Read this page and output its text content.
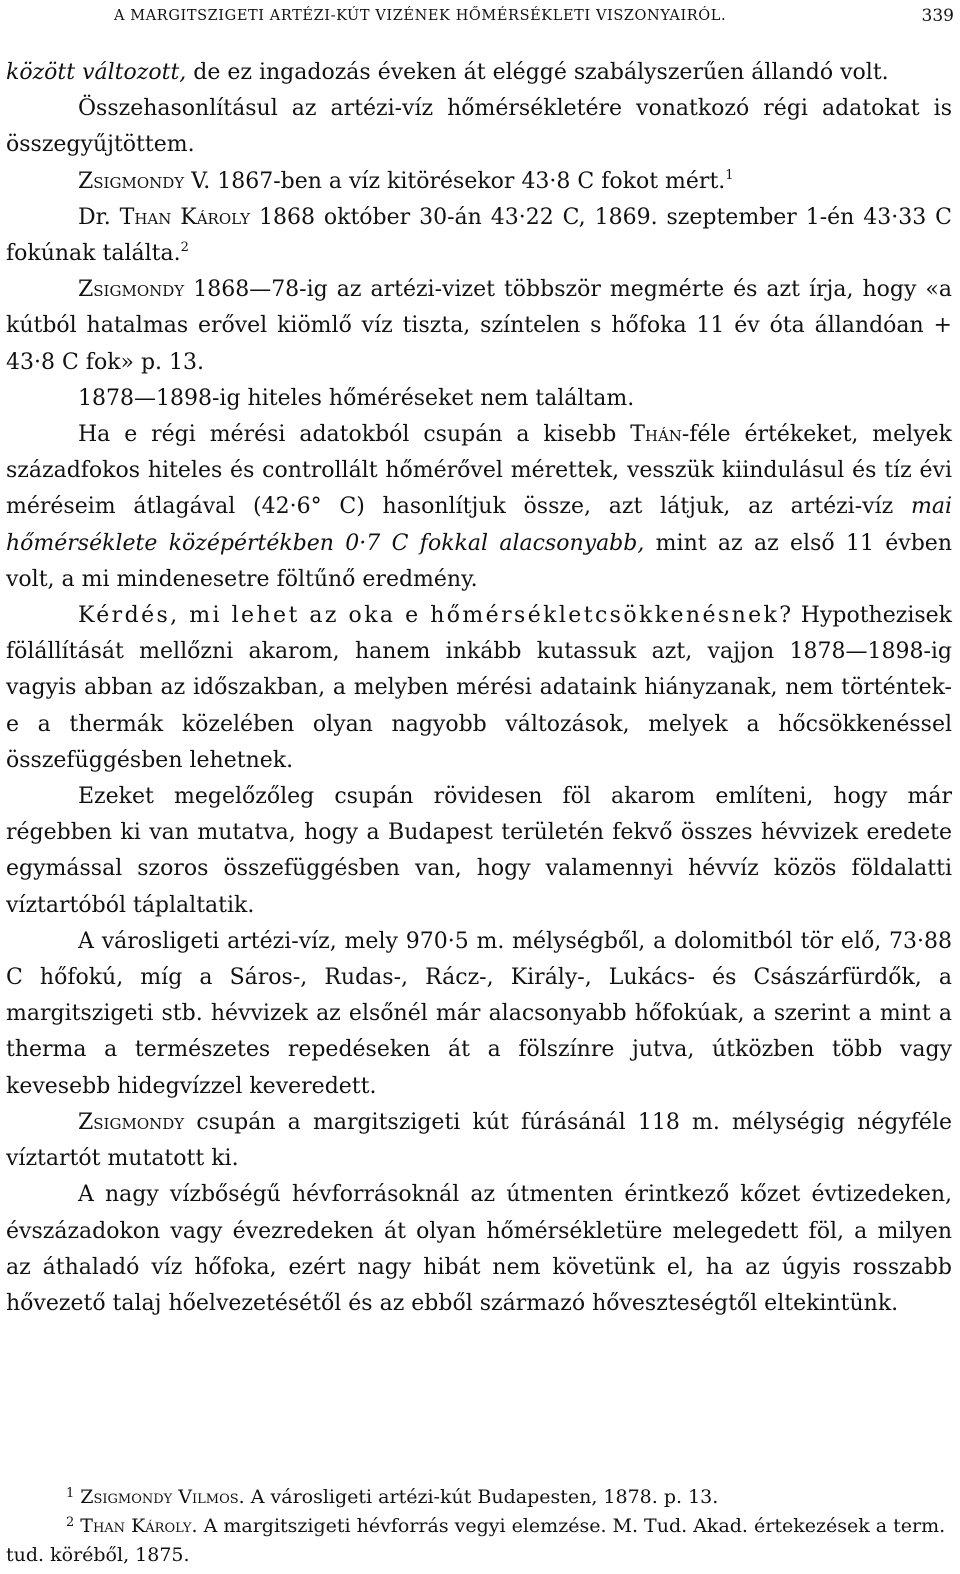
A MARGITSZIGETI ARTÉZI-KÚT VIZÉNEK HŐMÉRSÉKLETI VISZONYAIRÓL.	339

között változott, de ez ingadozás éveken át eléggé szabályszerűen állandó volt.

Összehasonlításul az artézi-víz hőmérsékletére vonatkozó régi adatokat is összegyűjtöttem.

Zsigmondy V. 1867-ben a víz kitörésekor 43·8 C fokot mért.$^1$

Dr. Than Károly 1868 október 30-án 43·22 C, 1869. szeptember 1-én 43·33 C fokúnak találta.$^2$

Zsigmondy 1868—78-ig az artézi-vizet többször megmérte és azt írja, hogy «a kútból hatalmas erővel kiömlő víz tiszta, színtelen s hőfoka 11 év óta állandóan + 43·8 C fok» p. 13.

1878—1898-ig hiteles hőméréseket nem találtam.

Ha e régi mérési adatokból csupán a kisebb Thán-féle értékeket, melyek századfokos hiteles és controllált hőmérővel mérettek, vesszük kiindulásul és tíz évi méréseim átlagával (42·6° C) hasonlítjuk össze, azt látjuk, az artézi-víz mai hőmérséklete középértékben 0·7 C fokkal alacsonyabb, mint az az első 11 évben volt, a mi mindenesetre föltűnő eredmény.

Kérdés, mi lehet az oka e hőmérsékletcsökkenésnek? Hypothezisek fölállítását mellőzni akarom, hanem inkább kutassuk azt, vajjon 1878—1898-ig vagyis abban az időszakban, a melyben mérési adataink hiányzanak, nem történtek-e a thermák közelében olyan nagyobb változások, melyek a hőcsökkenéssel összefüggésben lehetnek.

Ezeket megelőzőleg csupán rövidesen föl akarom említeni, hogy már régebben ki van mutatva, hogy a Budapest területén fekvő összes hévvizek eredete egymással szoros összefüggésben van, hogy valamennyi hévvíz közös földalatti víztartóból táplaltatik.

A városligeti artézi-víz, mely 970·5 m. mélységből, a dolomitból tör elő, 73·88 C hőfokú, míg a Sáros-, Rudas-, Rácz-, Király-, Lukács- és Császárfürdők, a margitszigeti stb. hévvizek az elsőnél már alacsonyabb hőfokúak, a szerint a mint a therma a természetes repedéseken át a fölszínre jutva, útközben több vagy kevesebb hidegvízzel keveredett.

Zsigmondy csupán a margitszigeti kút fúrásánál 118 m. mélységig négyféle víztartót mutatott ki.

A nagy vízbőségű hévforrásoknál az útmenten érintkező kőzet évtizedeken, évszázadokon vagy évezredeken át olyan hőmérsékletüre melegedett föl, a milyen az áthaladó víz hőfoka, ezért nagy hibát nem követünk el, ha az úgyis rosszabb hővezető talaj hőelvezetésétől és az ebből származó hőveszteségtől eltekintünk.

$^1$ Zsigmondy Vilmos. A városligeti artézi-kút Budapesten, 1878. p. 13.

$^2$ Than Károly. A margitszigeti hévforrás vegyi elemzése. M. Tud. Akad. értekezések a term. tud. köréből, 1875.
